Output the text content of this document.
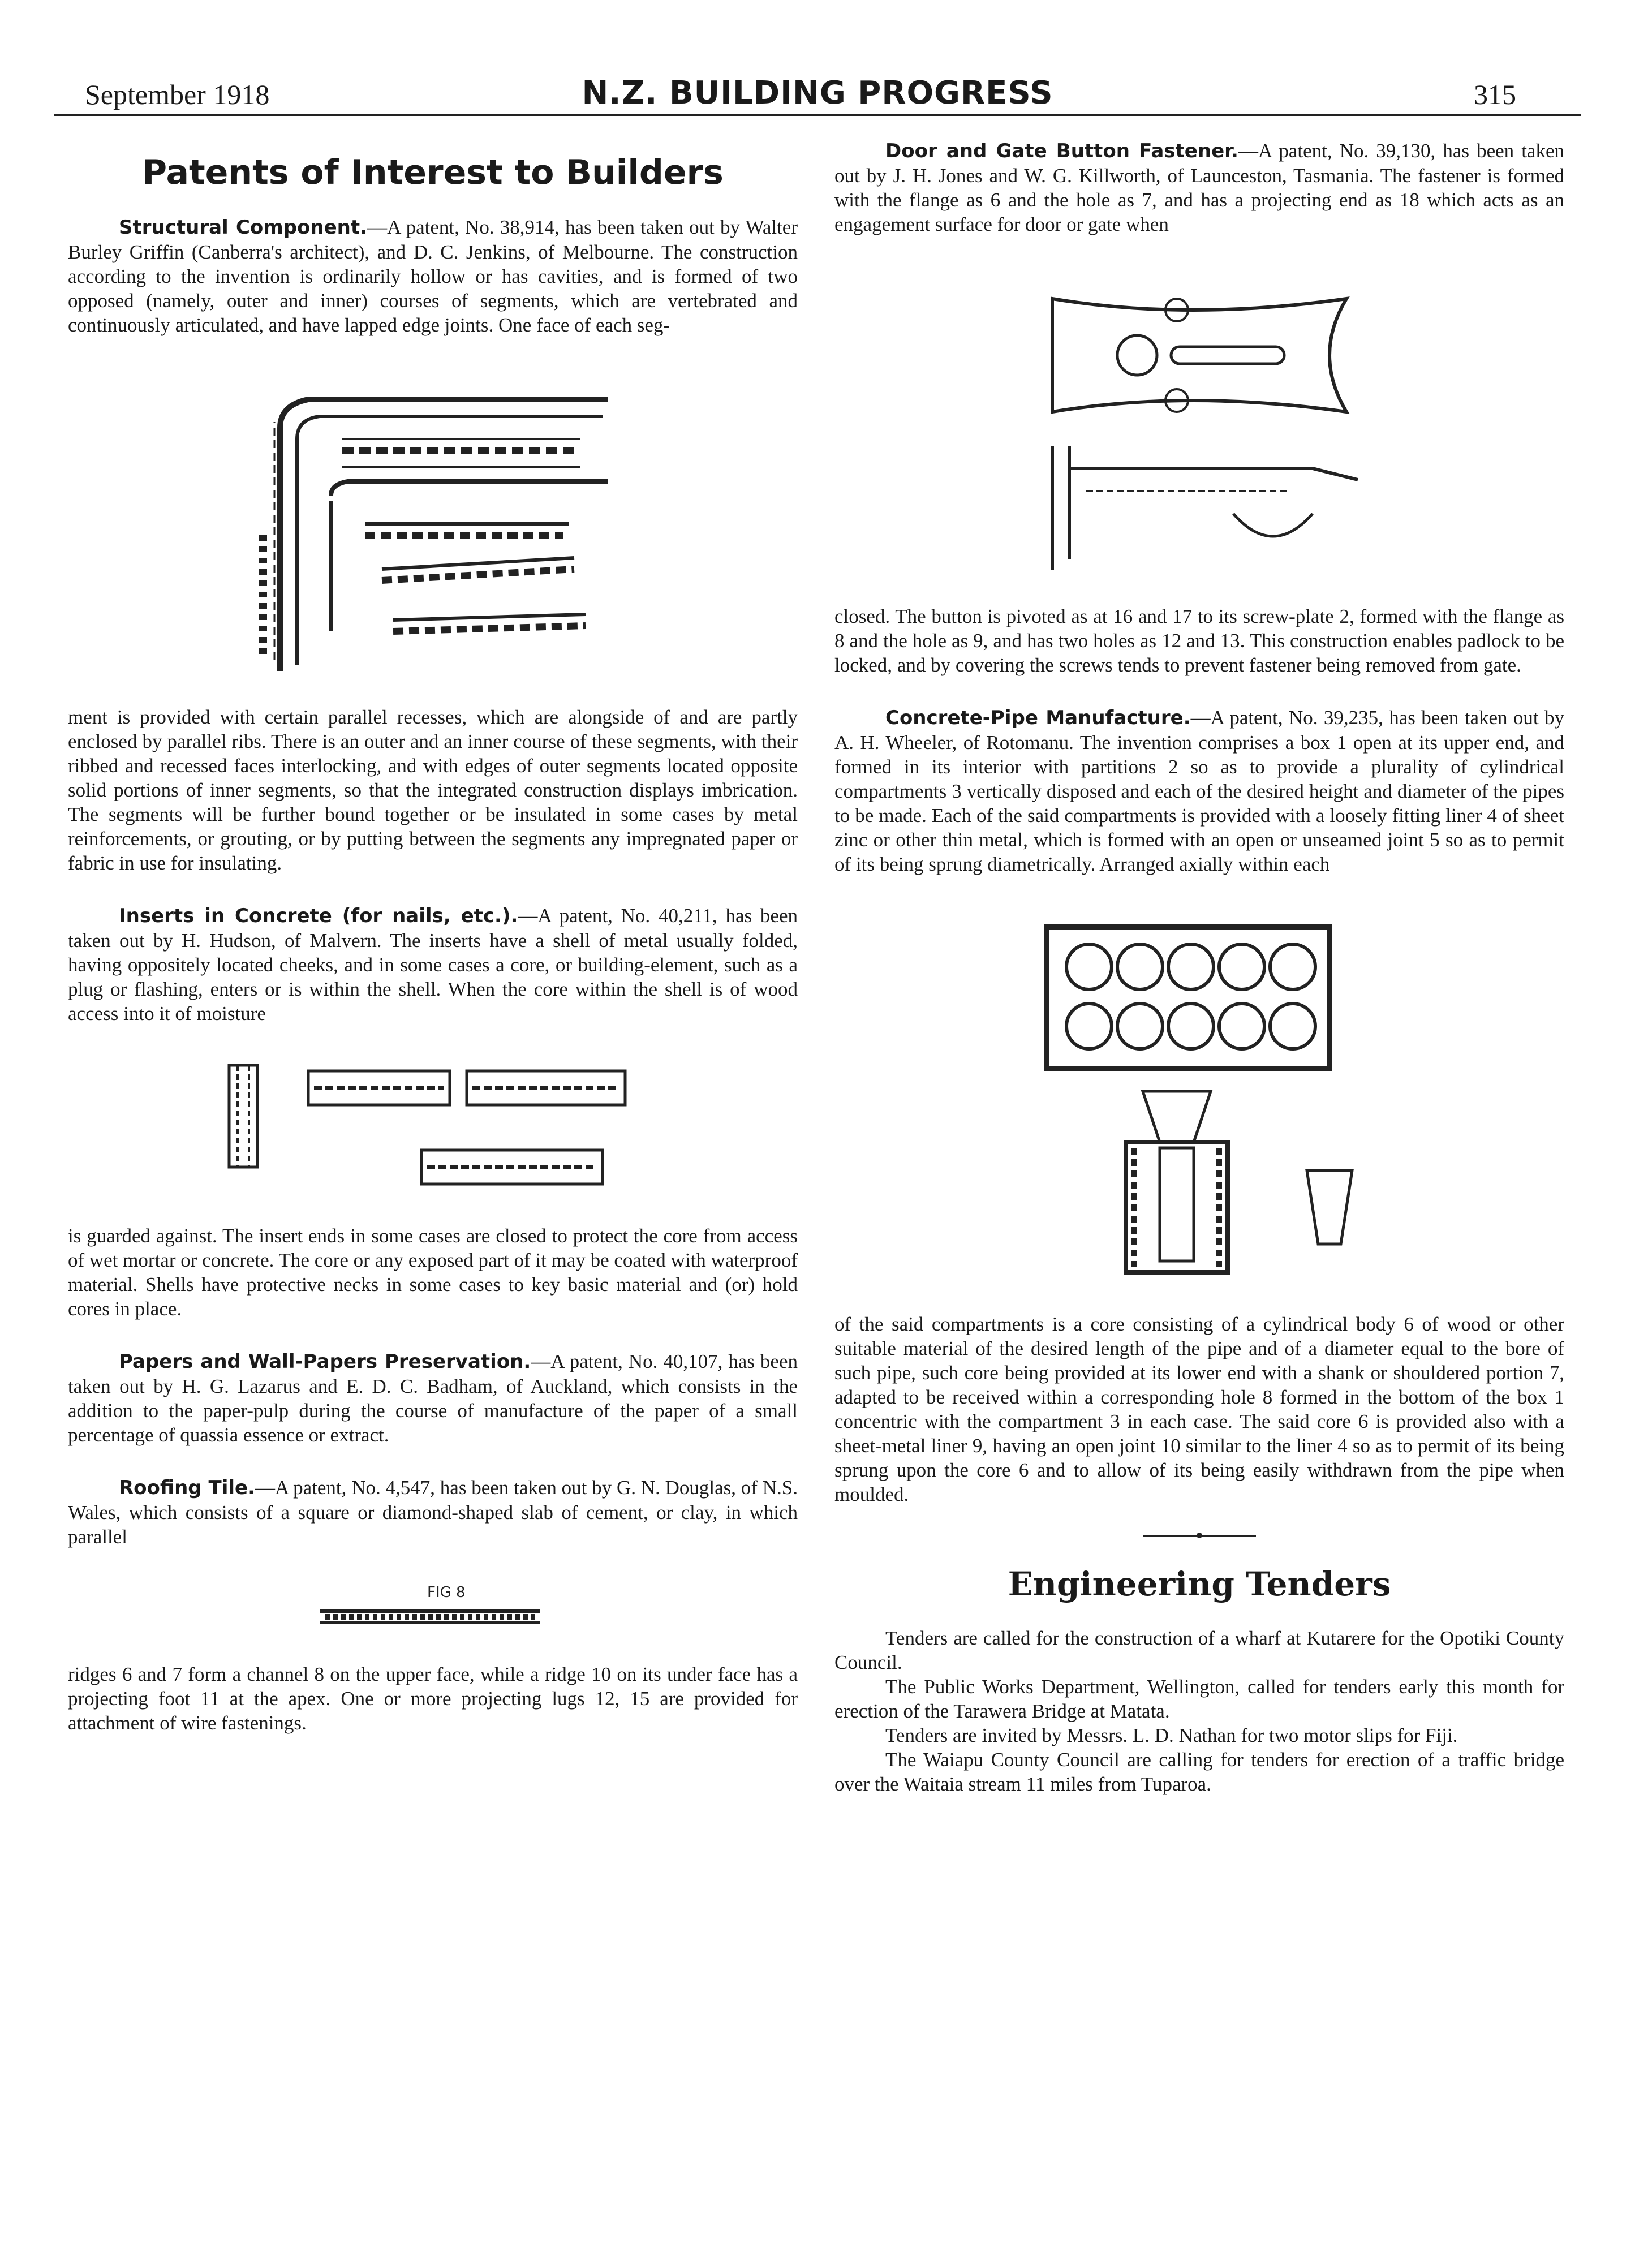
September 1918	N.Z. BUILDING PROGRESS	315
Patents of Interest to Builders

Structural Component.—A patent, No. 38,914, has been taken out by Walter Burley Griffin (Canberra's architect), and D. C. Jenkins, of Melbourne. The construction according to the invention is ordinarily hollow or has cavities, and is formed of two opposed (namely, outer and inner) courses of segments, which are vertebrated and continuously articulated, and have lapped edge joints. One face of each seg-

ment is provided with certain parallel recesses, which are alongside of and are partly enclosed by parallel ribs. There is an outer and an inner course of these segments, with their ribbed and recessed faces interlocking, and with edges of outer segments located opposite solid portions of inner segments, so that the integrated construction displays imbrication. The segments will be further bound together or be insulated in some cases by metal reinforcements, or grouting, or by putting between the segments any impregnated paper or fabric in use for insulating.

Inserts in Concrete (for nails, etc.).—A patent, No. 40,211, has been taken out by H. Hudson, of Malvern. The inserts have a shell of metal usually folded, having oppositely located cheeks, and in some cases a core, or building-element, such as a plug or flashing, enters or is within the shell. When the core within the shell is of wood access into it of moisture

is guarded against. The insert ends in some cases are closed to protect the core from access of wet mortar or concrete. The core or any exposed part of it may be coated with waterproof material. Shells have protective necks in some cases to key basic material and (or) hold cores in place.

Papers and Wall-Papers Preservation.—A patent, No. 40,107, has been taken out by H. G. Lazarus and E. D. C. Badham, of Auckland, which consists in the addition to the paper-pulp during the course of manufacture of the paper of a small percentage of quassia essence or extract.

Roofing Tile.—A patent, No. 4,547, has been taken out by G. N. Douglas, of N.S. Wales, which consists of a square or diamond-shaped slab of cement, or clay, in which parallel

FIG 8

ridges 6 and 7 form a channel 8 on the upper face, while a ridge 10 on its under face has a projecting foot 11 at the apex. One or more projecting lugs 12, 15 are provided for attachment of wire fastenings.

Door and Gate Button Fastener.—A patent, No. 39,130, has been taken out by J. H. Jones and W. G. Killworth, of Launceston, Tasmania. The fastener is formed with the flange as 6 and the hole as 7, and has a projecting end as 18 which acts as an engagement surface for door or gate when

closed. The button is pivoted as at 16 and 17 to its screw-plate 2, formed with the flange as 8 and the hole as 9, and has two holes as 12 and 13. This construction enables padlock to be locked, and by covering the screws tends to prevent fastener being removed from gate.

Concrete-Pipe Manufacture.—A patent, No. 39,235, has been taken out by A. H. Wheeler, of Rotomanu. The invention comprises a box 1 open at its upper end, and formed in its interior with partitions 2 so as to provide a plurality of cylindrical compartments 3 vertically disposed and each of the desired height and diameter of the pipes to be made. Each of the said compartments is provided with a loosely fitting liner 4 of sheet zinc or other thin metal, which is formed with an open or unseamed joint 5 so as to permit of its being sprung diametrically. Arranged axially within each

of the said compartments is a core consisting of a cylindrical body 6 of wood or other suitable material of the desired length of the pipe and of a diameter equal to the bore of such pipe, such core being provided at its lower end with a shank or shouldered portion 7, adapted to be received within a corresponding hole 8 formed in the bottom of the box 1 concentric with the compartment 3 in each case. The said core 6 is provided also with a sheet-metal liner 9, having an open joint 10 similar to the liner 4 so as to permit of its being sprung upon the core 6 and to allow of its being easily withdrawn from the pipe when moulded.

Engineering Tenders

Tenders are called for the construction of a wharf at Kutarere for the Opotiki County Council.

The Public Works Department, Wellington, called for tenders early this month for erection of the Tarawera Bridge at Matata.

Tenders are invited by Messrs. L. D. Nathan for two motor slips for Fiji.

The Waiapu County Council are calling for tenders for erection of a traffic bridge over the Waitaia stream 11 miles from Tuparoa.
